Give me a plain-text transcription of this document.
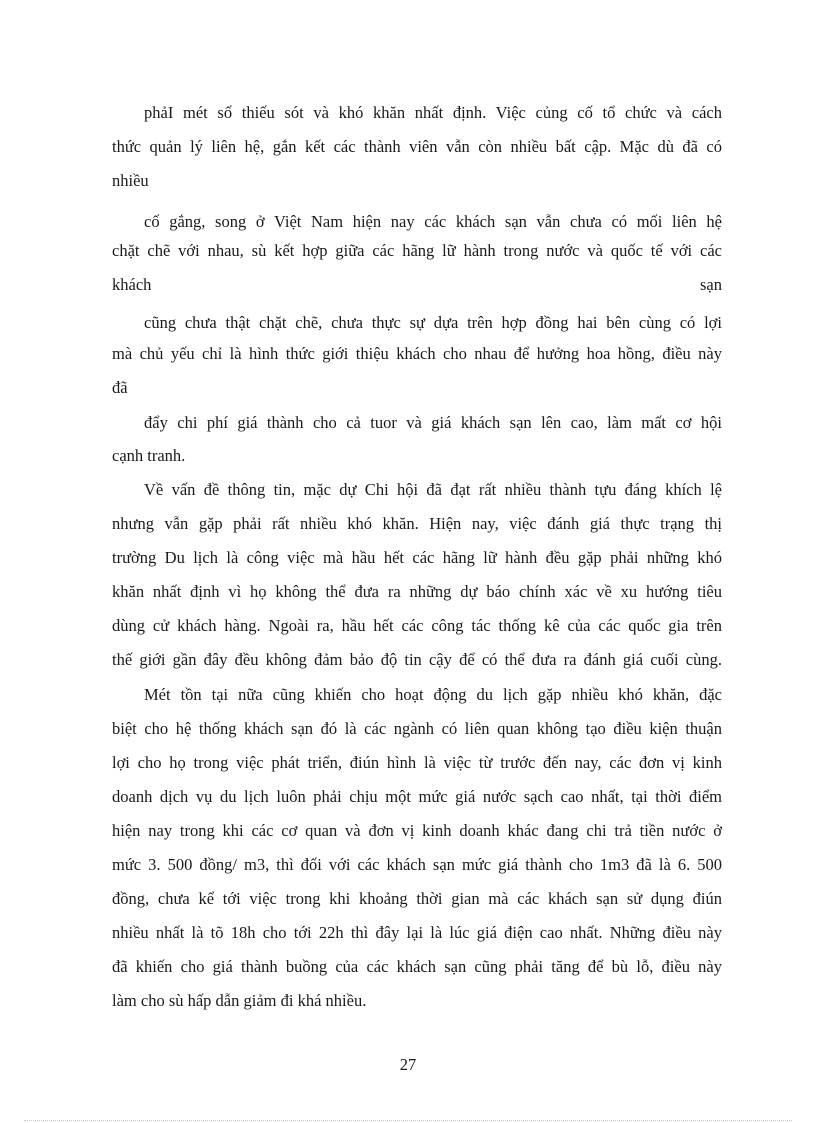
phảI mét số thiếu sót và khó khăn nhất định. Việc củng cố tổ chức và cách
thức quản lý liên hệ, gắn kết các thành viên vẫn còn nhiều bất cập. Mặc dù đã có
nhiều
cố gắng, song ở Việt Nam hiện nay các khách sạn vẫn chưa có mối liên hệ
chặt chẽ với nhau, sù kết hợp giữa các hãng lữ hành trong nước và quốc tế với các
khách	sạn
cũng chưa thật chặt chẽ, chưa thực sự dựa trên hợp đồng hai bên cùng có lợi
mà chủ yếu chỉ là hình thức giới thiệu khách cho nhau để hưởng hoa hồng, điều này
đã
đẩy chi phí giá thành cho cả tuor và giá khách sạn lên cao, làm mất cơ hội
cạnh tranh.
Về vấn đề thông tin, mặc dự Chi hội đã đạt rất nhiều thành tựu đáng khích lệ
nhưng vẫn gặp phải rất nhiều khó khăn. Hiện nay, việc đánh giá thực trạng thị
trường Du lịch là công việc mà hầu hết các hãng lữ hành đều gặp phải những khó
khăn nhất định vì họ không thể đưa ra những dự báo chính xác về xu hướng tiêu
dùng cử khách hàng. Ngoài ra, hầu hết các công tác thống kê của các quốc gia trên
thế giới gần đây đều không đảm bảo độ tin cậy để có thể đưa ra đánh giá cuối cùng.
Mét tồn tại nữa cũng khiến cho hoạt động du lịch gặp nhiều khó khăn, đặc
biệt cho hệ thống khách sạn đó là các ngành có liên quan không tạo điều kiện thuận
lợi cho họ trong việc phát triển, điún hình là việc từ trước đến nay, các đơn vị kinh
doanh dịch vụ du lịch luôn phải chịu một mức giá nước sạch cao nhất, tại thời điểm
hiện nay trong khi các cơ quan và đơn vị kinh doanh khác đang chi trả tiền nước ở
mức 3. 500 đồng/ m3, thì đối với các khách sạn mức giá thành cho 1m3 đã là 6. 500
đồng, chưa kể tới việc trong khi khoảng thời gian mà các khách sạn sử dụng điún
nhiều nhất là tõ 18h cho tới 22h thì đây lại là lúc giá điện cao nhất. Những điều này
đã khiến cho giá thành buồng của các khách sạn cũng phải tăng để bù lỗ, điều này
làm cho sù hấp dẫn giảm đi khá nhiều.
27
